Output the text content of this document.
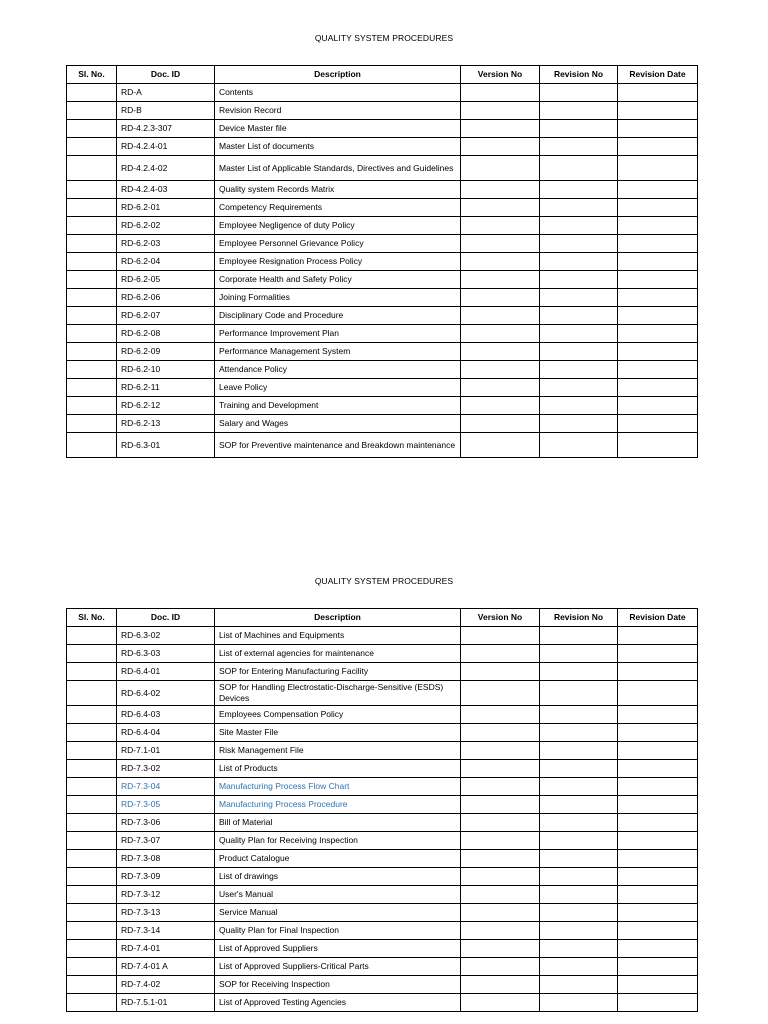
QUALITY SYSTEM PROCEDURES
Sl. No.	Doc. ID	Description	Version No	Revision No	Revision Date
	RD-A	Contents			
	RD-B	Revision Record			
	RD-4.2.3-307	Device Master file			
	RD-4.2.4-01	Master List of documents			
	RD-4.2.4-02	Master List of Applicable Standards, Directives and Guidelines			
	RD-4.2.4-03	Quality system Records Matrix			
	RD-6.2-01	Competency Requirements			
	RD-6.2-02	Employee Negligence of duty Policy			
	RD-6.2-03	Employee Personnel Grievance Policy			
	RD-6.2-04	Employee Resignation Process Policy			
	RD-6.2-05	Corporate Health and Safety Policy			
	RD-6.2-06	Joining Formalities			
	RD-6.2-07	Disciplinary Code and Procedure			
	RD-6.2-08	Performance Improvement Plan			
	RD-6.2-09	Performance Management System			
	RD-6.2-10	Attendance Policy			
	RD-6.2-11	Leave Policy			
	RD-6.2-12	Training and Development			
	RD-6.2-13	Salary and Wages			
	RD-6.3-01	SOP for Preventive maintenance and Breakdown maintenance			
QUALITY SYSTEM PROCEDURES
Sl. No.	Doc. ID	Description	Version No	Revision No	Revision Date
	RD-6.3-02	List of Machines and Equipments			
	RD-6.3-03	List of external agencies for maintenance			
	RD-6.4-01	SOP for Entering Manufacturing Facility			
	RD-6.4-02	SOP for Handling Electrostatic-Discharge-Sensitive (ESDS) Devices			
	RD-6.4-03	Employees Compensation Policy			
	RD-6.4-04	Site Master File			
	RD-7.1-01	Risk Management File			
	RD-7.3-02	List of Products			
	RD-7.3-04	Manufacturing Process Flow Chart			
	RD-7.3-05	Manufacturing Process Procedure			
	RD-7.3-06	Bill of Material			
	RD-7.3-07	Quality Plan for Receiving Inspection			
	RD-7.3-08	Product Catalogue			
	RD-7.3-09	List of drawings			
	RD-7.3-12	User's Manual			
	RD-7.3-13	Service Manual			
	RD-7.3-14	Quality Plan for Final Inspection			
	RD-7.4-01	List of Approved Suppliers			
	RD-7.4-01 A	List of Approved Suppliers-Critical Parts			
	RD-7.4-02	SOP for Receiving Inspection			
	RD-7.5.1-01	List of Approved Testing Agencies			
